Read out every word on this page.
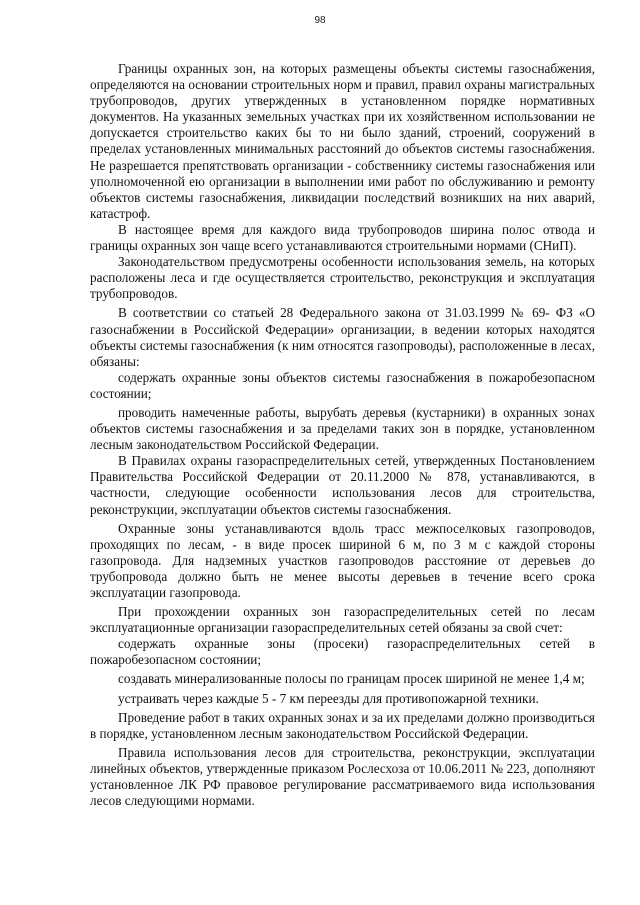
98

Границы охранных зон, на которых размещены объекты системы газоснабжения, определяются на основании строительных норм и правил, правил охраны магистральных трубопроводов, других утвержденных в установленном порядке нормативных документов. На указанных земельных участках при их хозяйственном использовании не допускается строительство каких бы то ни было зданий, строений, сооружений в пределах установленных минимальных расстояний до объектов системы газоснабжения. Не разрешается препятствовать организации - собственнику системы газоснабжения или уполномоченной ею организации в выполнении ими работ по обслуживанию и ремонту объектов системы газоснабжения, ликвидации последствий возникших на них аварий, катастроф.

В настоящее время для каждого вида трубопроводов ширина полос отвода и границы охранных зон чаще всего устанавливаются строительными нормами (СНиП).

Законодательством предусмотрены особенности использования земель, на которых расположены леса и где осуществляется строительство, реконструкция и эксплуатация трубопроводов.

В соответствии со статьей 28 Федерального закона от 31.03.1999 № 69- ФЗ «О газоснабжении в Российской Федерации» организации, в ведении которых находятся объекты системы газоснабжения (к ним относятся газопроводы), расположенные в лесах, обязаны:

содержать охранные зоны объектов системы газоснабжения в пожаробезопасном состоянии;

проводить намеченные работы, вырубать деревья (кустарники) в охранных зонах объектов системы газоснабжения и за пределами таких зон в порядке, установленном лесным законодательством Российской Федерации.

В Правилах охраны газораспределительных сетей, утвержденных Постановлением Правительства Российской Федерации от 20.11.2000 № 878, устанавливаются, в частности, следующие особенности использования лесов для строительства, реконструкции, эксплуатации объектов системы газоснабжения.

Охранные зоны устанавливаются вдоль трасс межпоселковых газопроводов, проходящих по лесам, - в виде просек шириной 6 м, по 3 м с каждой стороны газопровода. Для надземных участков газопроводов расстояние от деревьев до трубопровода должно быть не менее высоты деревьев в течение всего срока эксплуатации газопровода.

При прохождении охранных зон газораспределительных сетей по лесам эксплуатационные организации газораспределительных сетей обязаны за свой счет:

содержать охранные зоны (просеки) газораспределительных сетей в пожаробезопасном состоянии;

создавать минерализованные полосы по границам просек шириной не менее 1,4 м;

устраивать через каждые 5 - 7 км переезды для противопожарной техники.

Проведение работ в таких охранных зонах и за их пределами должно производиться в порядке, установленном лесным законодательством Российской Федерации.

Правила использования лесов для строительства, реконструкции, эксплуатации линейных объектов, утвержденные приказом Рослесхоза от 10.06.2011 № 223, дополняют установленное ЛК РФ правовое регулирование рассматриваемого вида использования лесов следующими нормами.
